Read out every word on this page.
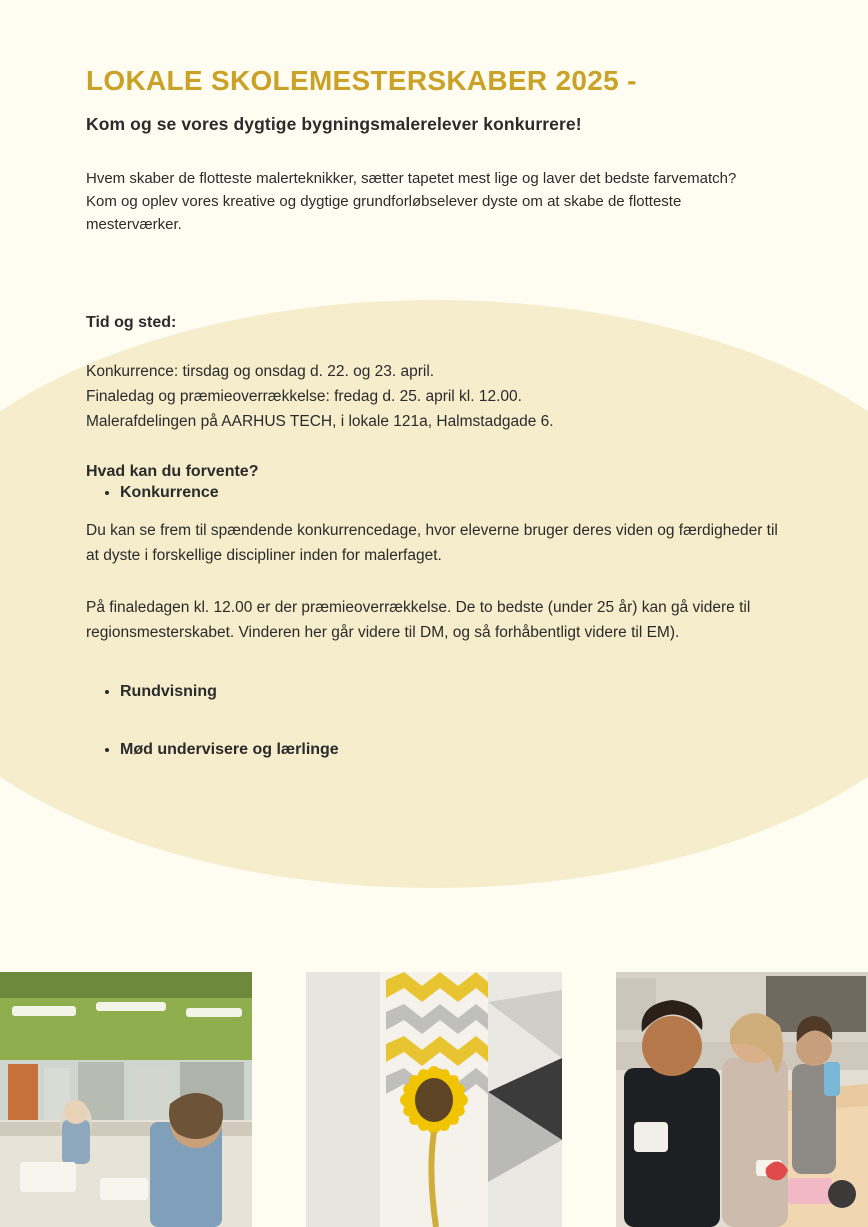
LOKALE SKOLEMESTERSKABER 2025 -

Kom og se vores dygtige bygningsmalerelever konkurrere!

Hvem skaber de flotteste malerteknikker, sætter tapetet mest lige og laver det bedste farvematch? Kom og oplev vores kreative og dygtige grundforløbselever dyste om at skabe de flotteste mesterværker.

Tid og sted:

Konkurrence: tirsdag og onsdag d. 22. og 23. april.

Finaledag og præmieoverrækkelse: fredag d. 25. april kl. 12.00.

Malerafdelingen på AARHUS TECH, i lokale 121a, Halmstadgade 6.

Hvad kan du forvente?
• Konkurrence

Du kan se frem til spændende konkurrencedage, hvor eleverne bruger deres viden og færdigheder til at dyste i forskellige discipliner inden for malerfaget.

På finaledagen kl. 12.00 er der præmieoverrækkelse. De to bedste (under 25 år) kan gå videre til regionsmesterskabet. Vinderen her går videre til DM, og så forhåbentligt videre til EM).

• Rundvisning
• Mød undervisere og lærlinge
